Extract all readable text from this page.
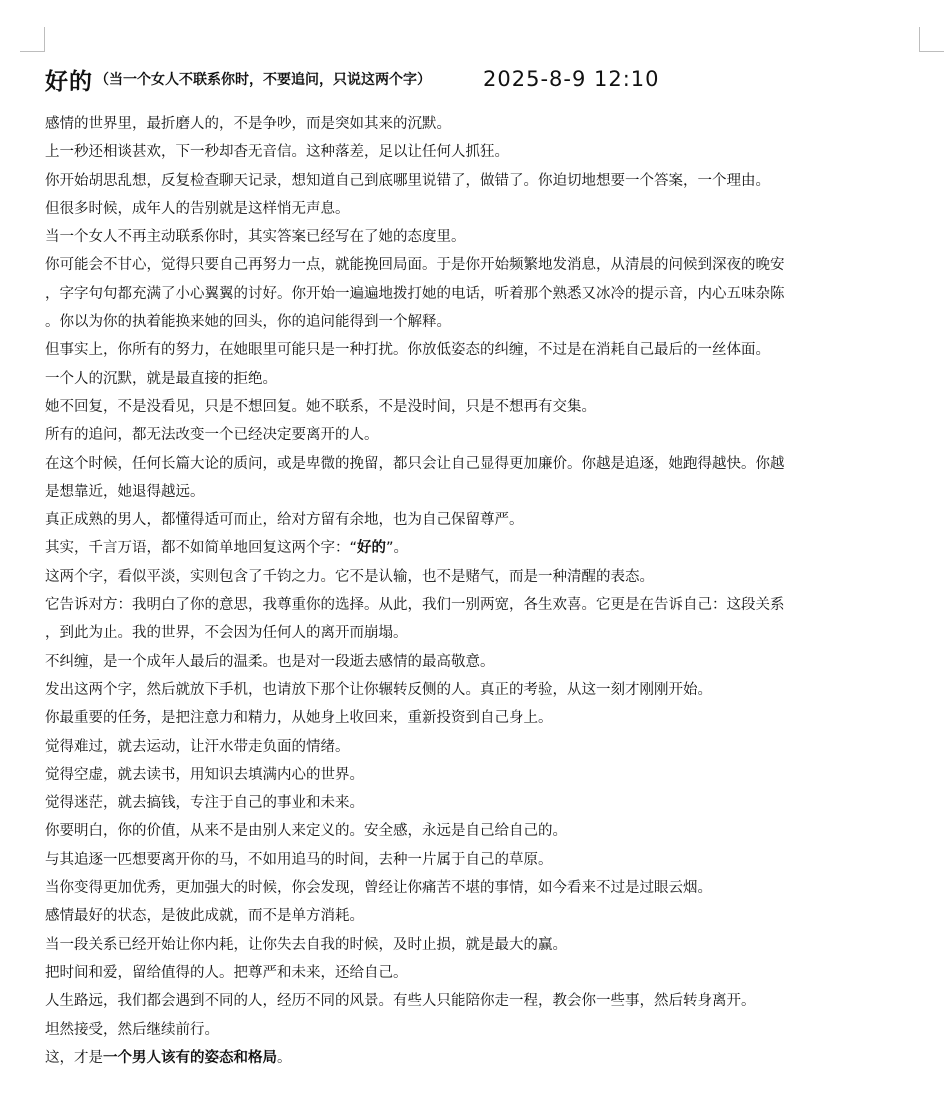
好的 （当一个女人不联系你时，不要追问，只说这两个字） 2025-8-9 12:10
感情的世界里，最折磨人的，不是争吵，而是突如其来的沉默。
上一秒还相谈甚欢，下一秒却杳无音信。这种落差，足以让任何人抓狂。
你开始胡思乱想，反复检查聊天记录，想知道自己到底哪里说错了，做错了。你迫切地想要一个答案，一个理由。
但很多时候，成年人的告别就是这样悄无声息。
当一个女人不再主动联系你时，其实答案已经写在了她的态度里。
你可能会不甘心，觉得只要自己再努力一点，就能挽回局面。于是你开始频繁地发消息，从清晨的问候到深夜的晚安
，字字句句都充满了小心翼翼的讨好。你开始一遍遍地拨打她的电话，听着那个熟悉又冰冷的提示音，内心五味杂陈
。你以为你的执着能换来她的回头，你的追问能得到一个解释。
但事实上，你所有的努力，在她眼里可能只是一种打扰。你放低姿态的纠缠，不过是在消耗自己最后的一丝体面。
一个人的沉默，就是最直接的拒绝。
她不回复，不是没看见，只是不想回复。她不联系，不是没时间，只是不想再有交集。
所有的追问，都无法改变一个已经决定要离开的人。
在这个时候，任何长篇大论的质问，或是卑微的挽留，都只会让自己显得更加廉价。你越是追逐，她跑得越快。你越
是想靠近，她退得越远。
真正成熟的男人，都懂得适可而止，给对方留有余地，也为自己保留尊严。
其实，千言万语，都不如简单地回复这两个字：“好的”。
这两个字，看似平淡，实则包含了千钧之力。它不是认输，也不是赌气，而是一种清醒的表态。
它告诉对方：我明白了你的意思，我尊重你的选择。从此，我们一别两宽，各生欢喜。它更是在告诉自己：这段关系
，到此为止。我的世界，不会因为任何人的离开而崩塌。
不纠缠，是一个成年人最后的温柔。也是对一段逝去感情的最高敬意。
发出这两个字，然后就放下手机，也请放下那个让你辗转反侧的人。真正的考验，从这一刻才刚刚开始。
你最重要的任务，是把注意力和精力，从她身上收回来，重新投资到自己身上。
觉得难过，就去运动，让汗水带走负面的情绪。
觉得空虚，就去读书，用知识去填满内心的世界。
觉得迷茫，就去搞钱，专注于自己的事业和未来。
你要明白，你的价值，从来不是由别人来定义的。安全感，永远是自己给自己的。
与其追逐一匹想要离开你的马，不如用追马的时间，去种一片属于自己的草原。
当你变得更加优秀，更加强大的时候，你会发现，曾经让你痛苦不堪的事情，如今看来不过是过眼云烟。
感情最好的状态，是彼此成就，而不是单方消耗。
当一段关系已经开始让你内耗，让你失去自我的时候，及时止损，就是最大的赢。
把时间和爱，留给值得的人。把尊严和未来，还给自己。
人生路远，我们都会遇到不同的人，经历不同的风景。有些人只能陪你走一程，教会你一些事，然后转身离开。
坦然接受，然后继续前行。
这，才是一个男人该有的姿态和格局。
